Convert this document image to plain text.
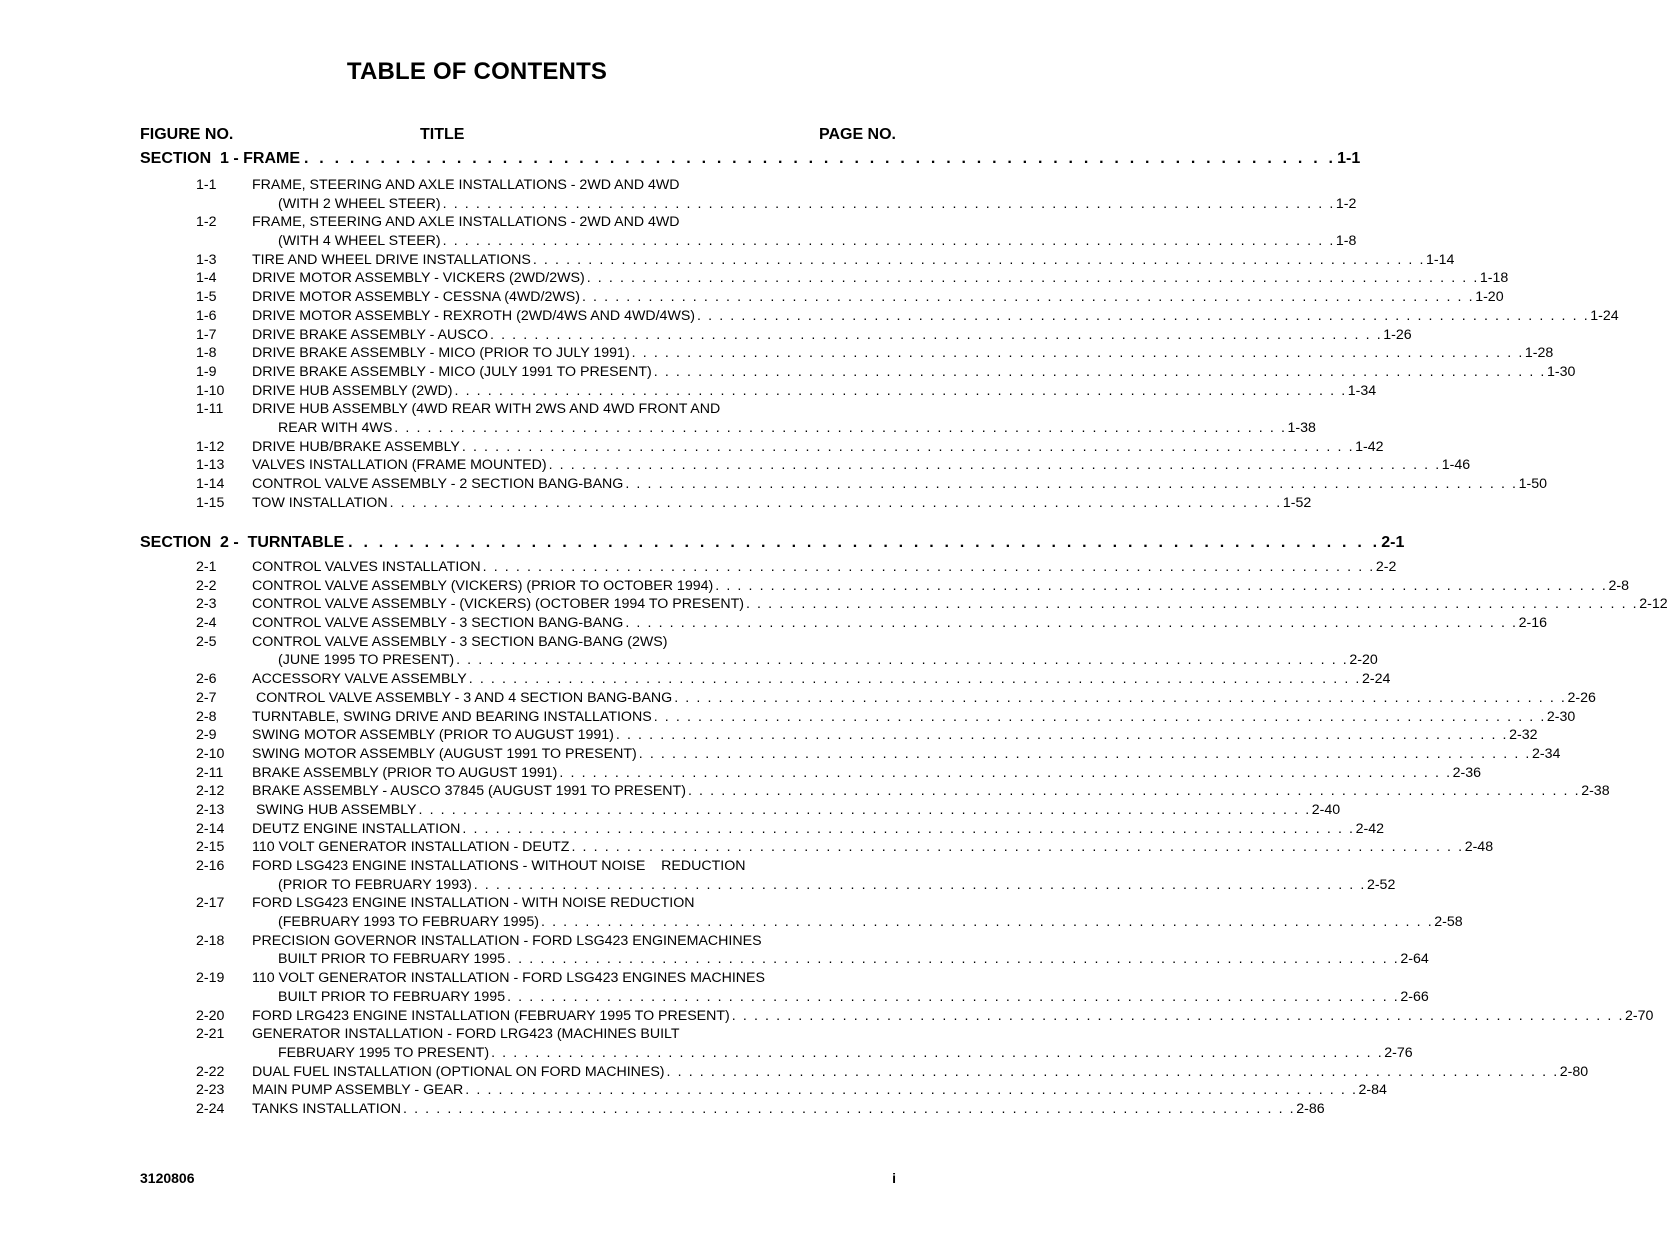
TABLE OF CONTENTS
FIGURE NO.	TITLE	PAGE NO.
SECTION  1 - FRAME . . . . . . . . . . . . . . . . . . . . . . . . . . . . . . . . . . . . . . . . . . . . . . . . . . . . . . . . . . . . . . . . . . . . 1-1
1-1	FRAME, STEERING AND AXLE INSTALLATIONS - 2WD AND 4WD
(WITH 2 WHEEL STEER) . . . . . . . . . . . . . . . . . . . . . . . . . . . . . . . . . . . . . . . . . . . . . . . . . . . . . . . . . . . . . . . . . . . . . . . . . . . . . . . . . 1-2
1-2	FRAME, STEERING AND AXLE INSTALLATIONS - 2WD AND 4WD
(WITH 4 WHEEL STEER) . . . . . . . . . . . . . . . . . . . . . . . . . . . . . . . . . . . . . . . . . . . . . . . . . . . . . . . . . . . . . . . . . . . . . . . . . . . . . . . . . 1-8
1-3 TIRE AND WHEEL DRIVE INSTALLATIONS . . . . . . . . . . . . . . . . . . . . . . . . . . . . . . . . . . . . . . . . . . . . . . . . . . . . . . . . . . . . . . . . . . . . . . . . . . . . . . . . . 1-14
1-4 DRIVE MOTOR ASSEMBLY - VICKERS (2WD/2WS) . . . . . . . . . . . . . . . . . . . . . . . . . . . . . . . . . . . . . . . . . . . . . . . . . . . . . . . . . . . . . . . . . . . . . . . . . . . . . . . . . 1-18
1-5 DRIVE MOTOR ASSEMBLY - CESSNA (4WD/2WS) . . . . . . . . . . . . . . . . . . . . . . . . . . . . . . . . . . . . . . . . . . . . . . . . . . . . . . . . . . . . . . . . . . . . . . . . . . . . . . . . . 1-20
1-6 DRIVE MOTOR ASSEMBLY - REXROTH (2WD/4WS AND 4WD/4WS) . . . . . . . . . . . . . . . . . . . . . . . . . . . . . . . . . . . . . . . . . . . . . . . . . . . . . . . . . . . . . . . . . . . . . . . . . . . . . . . . . 1-24
1-7 DRIVE BRAKE ASSEMBLY - AUSCO . . . . . . . . . . . . . . . . . . . . . . . . . . . . . . . . . . . . . . . . . . . . . . . . . . . . . . . . . . . . . . . . . . . . . . . . . . . . . . . . . 1-26
1-8 DRIVE BRAKE ASSEMBLY - MICO (PRIOR TO JULY 1991) . . . . . . . . . . . . . . . . . . . . . . . . . . . . . . . . . . . . . . . . . . . . . . . . . . . . . . . . . . . . . . . . . . . . . . . . . . . . . . . . . 1-28
1-9 DRIVE BRAKE ASSEMBLY - MICO (JULY 1991 TO PRESENT) . . . . . . . . . . . . . . . . . . . . . . . . . . . . . . . . . . . . . . . . . . . . . . . . . . . . . . . . . . . . . . . . . . . . . . . . . . . . . . . . . 1-30
1-10 DRIVE HUB ASSEMBLY (2WD) . . . . . . . . . . . . . . . . . . . . . . . . . . . . . . . . . . . . . . . . . . . . . . . . . . . . . . . . . . . . . . . . . . . . . . . . . . . . . . . . . 1-34
1-11	DRIVE HUB ASSEMBLY (4WD REAR WITH 2WS AND 4WD FRONT AND
REAR WITH 4WS . . . . . . . . . . . . . . . . . . . . . . . . . . . . . . . . . . . . . . . . . . . . . . . . . . . . . . . . . . . . . . . . . . . . . . . . . . . . . . . . . 1-38
1-12 DRIVE HUB/BRAKE ASSEMBLY . . . . . . . . . . . . . . . . . . . . . . . . . . . . . . . . . . . . . . . . . . . . . . . . . . . . . . . . . . . . . . . . . . . . . . . . . . . . . . . . . 1-42
1-13 VALVES INSTALLATION (FRAME MOUNTED) . . . . . . . . . . . . . . . . . . . . . . . . . . . . . . . . . . . . . . . . . . . . . . . . . . . . . . . . . . . . . . . . . . . . . . . . . . . . . . . . . 1-46
1-14 CONTROL VALVE ASSEMBLY - 2 SECTION BANG-BANG . . . . . . . . . . . . . . . . . . . . . . . . . . . . . . . . . . . . . . . . . . . . . . . . . . . . . . . . . . . . . . . . . . . . . . . . . . . . . . . . . 1-50
1-15 TOW INSTALLATION . . . . . . . . . . . . . . . . . . . . . . . . . . . . . . . . . . . . . . . . . . . . . . . . . . . . . . . . . . . . . . . . . . . . . . . . . . . . . . . . . 1-52
SECTION  2 -  TURNTABLE . . . . . . . . . . . . . . . . . . . . . . . . . . . . . . . . . . . . . . . . . . . . . . . . . . . . . . . . . . . . . . . . . . . . 2-1
2-1 CONTROL VALVES INSTALLATION . . . . . . . . . . . . . . . . . . . . . . . . . . . . . . . . . . . . . . . . . . . . . . . . . . . . . . . . . . . . . . . . . . . . . . . . . . . . . . . . . 2-2
2-2 CONTROL VALVE ASSEMBLY (VICKERS) (PRIOR TO OCTOBER 1994) . . . . . . . . . . . . . . . . . . . . . . . . . . . . . . . . . . . . . . . . . . . . . . . . . . . . . . . . . . . . . . . . . . . . . . . . . . . . . . . . . 2-8
2-3 CONTROL VALVE ASSEMBLY - (VICKERS) (OCTOBER 1994 TO PRESENT) . . . . . . . . . . . . . . . . . . . . . . . . . . . . . . . . . . . . . . . . . . . . . . . . . . . . . . . . . . . . . . . . . . . . . . . . . . . . . . . . . 2-12
2-4 CONTROL VALVE ASSEMBLY - 3 SECTION BANG-BANG . . . . . . . . . . . . . . . . . . . . . . . . . . . . . . . . . . . . . . . . . . . . . . . . . . . . . . . . . . . . . . . . . . . . . . . . . . . . . . . . . 2-16
2-5	CONTROL VALVE ASSEMBLY - 3 SECTION BANG-BANG (2WS)
(JUNE 1995 TO PRESENT) . . . . . . . . . . . . . . . . . . . . . . . . . . . . . . . . . . . . . . . . . . . . . . . . . . . . . . . . . . . . . . . . . . . . . . . . . . . . . . . . . 2-20
2-6 ACCESSORY VALVE ASSEMBLY . . . . . . . . . . . . . . . . . . . . . . . . . . . . . . . . . . . . . . . . . . . . . . . . . . . . . . . . . . . . . . . . . . . . . . . . . . . . . . . . . 2-24
2-7 CONTROL VALVE ASSEMBLY - 3 AND 4 SECTION BANG-BANG . . . . . . . . . . . . . . . . . . . . . . . . . . . . . . . . . . . . . . . . . . . . . . . . . . . . . . . . . . . . . . . . . . . . . . . . . . . . . . . . . 2-26
2-8 TURNTABLE, SWING DRIVE AND BEARING INSTALLATIONS . . . . . . . . . . . . . . . . . . . . . . . . . . . . . . . . . . . . . . . . . . . . . . . . . . . . . . . . . . . . . . . . . . . . . . . . . . . . . . . . . 2-30
2-9 SWING MOTOR ASSEMBLY (PRIOR TO AUGUST 1991) . . . . . . . . . . . . . . . . . . . . . . . . . . . . . . . . . . . . . . . . . . . . . . . . . . . . . . . . . . . . . . . . . . . . . . . . . . . . . . . . . 2-32
2-10 SWING MOTOR ASSEMBLY (AUGUST 1991 TO PRESENT) . . . . . . . . . . . . . . . . . . . . . . . . . . . . . . . . . . . . . . . . . . . . . . . . . . . . . . . . . . . . . . . . . . . . . . . . . . . . . . . . . 2-34
2-11 BRAKE ASSEMBLY (PRIOR TO AUGUST 1991) . . . . . . . . . . . . . . . . . . . . . . . . . . . . . . . . . . . . . . . . . . . . . . . . . . . . . . . . . . . . . . . . . . . . . . . . . . . . . . . . . 2-36
2-12 BRAKE ASSEMBLY - AUSCO 37845 (AUGUST 1991 TO PRESENT) . . . . . . . . . . . . . . . . . . . . . . . . . . . . . . . . . . . . . . . . . . . . . . . . . . . . . . . . . . . . . . . . . . . . . . . . . . . . . . . . . 2-38
2-13 SWING HUB ASSEMBLY . . . . . . . . . . . . . . . . . . . . . . . . . . . . . . . . . . . . . . . . . . . . . . . . . . . . . . . . . . . . . . . . . . . . . . . . . . . . . . . . . 2-40
2-14 DEUTZ ENGINE INSTALLATION . . . . . . . . . . . . . . . . . . . . . . . . . . . . . . . . . . . . . . . . . . . . . . . . . . . . . . . . . . . . . . . . . . . . . . . . . . . . . . . . . 2-42
2-15 110 VOLT GENERATOR INSTALLATION - DEUTZ . . . . . . . . . . . . . . . . . . . . . . . . . . . . . . . . . . . . . . . . . . . . . . . . . . . . . . . . . . . . . . . . . . . . . . . . . . . . . . . . . 2-48
2-16	FORD LSG423 ENGINE INSTALLATIONS - WITHOUT NOISE    REDUCTION
(PRIOR TO FEBRUARY 1993) . . . . . . . . . . . . . . . . . . . . . . . . . . . . . . . . . . . . . . . . . . . . . . . . . . . . . . . . . . . . . . . . . . . . . . . . . . . . . . . . . 2-52
2-17	FORD LSG423 ENGINE INSTALLATION - WITH NOISE REDUCTION
(FEBRUARY 1993 TO FEBRUARY 1995) . . . . . . . . . . . . . . . . . . . . . . . . . . . . . . . . . . . . . . . . . . . . . . . . . . . . . . . . . . . . . . . . . . . . . . . . . . . . . . . . . 2-58
2-18	PRECISION GOVERNOR INSTALLATION - FORD LSG423 ENGINEMACHINES
BUILT PRIOR TO FEBRUARY 1995 . . . . . . . . . . . . . . . . . . . . . . . . . . . . . . . . . . . . . . . . . . . . . . . . . . . . . . . . . . . . . . . . . . . . . . . . . . . . . . . . . 2-64
2-19	110 VOLT GENERATOR INSTALLATION - FORD LSG423 ENGINES MACHINES
BUILT PRIOR TO FEBRUARY 1995 . . . . . . . . . . . . . . . . . . . . . . . . . . . . . . . . . . . . . . . . . . . . . . . . . . . . . . . . . . . . . . . . . . . . . . . . . . . . . . . . . 2-66
2-20 FORD LRG423 ENGINE INSTALLATION (FEBRUARY 1995 TO PRESENT) . . . . . . . . . . . . . . . . . . . . . . . . . . . . . . . . . . . . . . . . . . . . . . . . . . . . . . . . . . . . . . . . . . . . . . . . . . . . . . . . . 2-70
2-21	GENERATOR INSTALLATION - FORD LRG423 (MACHINES BUILT
FEBRUARY 1995 TO PRESENT) . . . . . . . . . . . . . . . . . . . . . . . . . . . . . . . . . . . . . . . . . . . . . . . . . . . . . . . . . . . . . . . . . . . . . . . . . . . . . . . . . 2-76
2-22 DUAL FUEL INSTALLATION (OPTIONAL ON FORD MACHINES) . . . . . . . . . . . . . . . . . . . . . . . . . . . . . . . . . . . . . . . . . . . . . . . . . . . . . . . . . . . . . . . . . . . . . . . . . . . . . . . . . 2-80
2-23 MAIN PUMP ASSEMBLY - GEAR . . . . . . . . . . . . . . . . . . . . . . . . . . . . . . . . . . . . . . . . . . . . . . . . . . . . . . . . . . . . . . . . . . . . . . . . . . . . . . . . . 2-84
2-24 TANKS INSTALLATION . . . . . . . . . . . . . . . . . . . . . . . . . . . . . . . . . . . . . . . . . . . . . . . . . . . . . . . . . . . . . . . . . . . . . . . . . . . . . . . . . 2-86
3120806	i
